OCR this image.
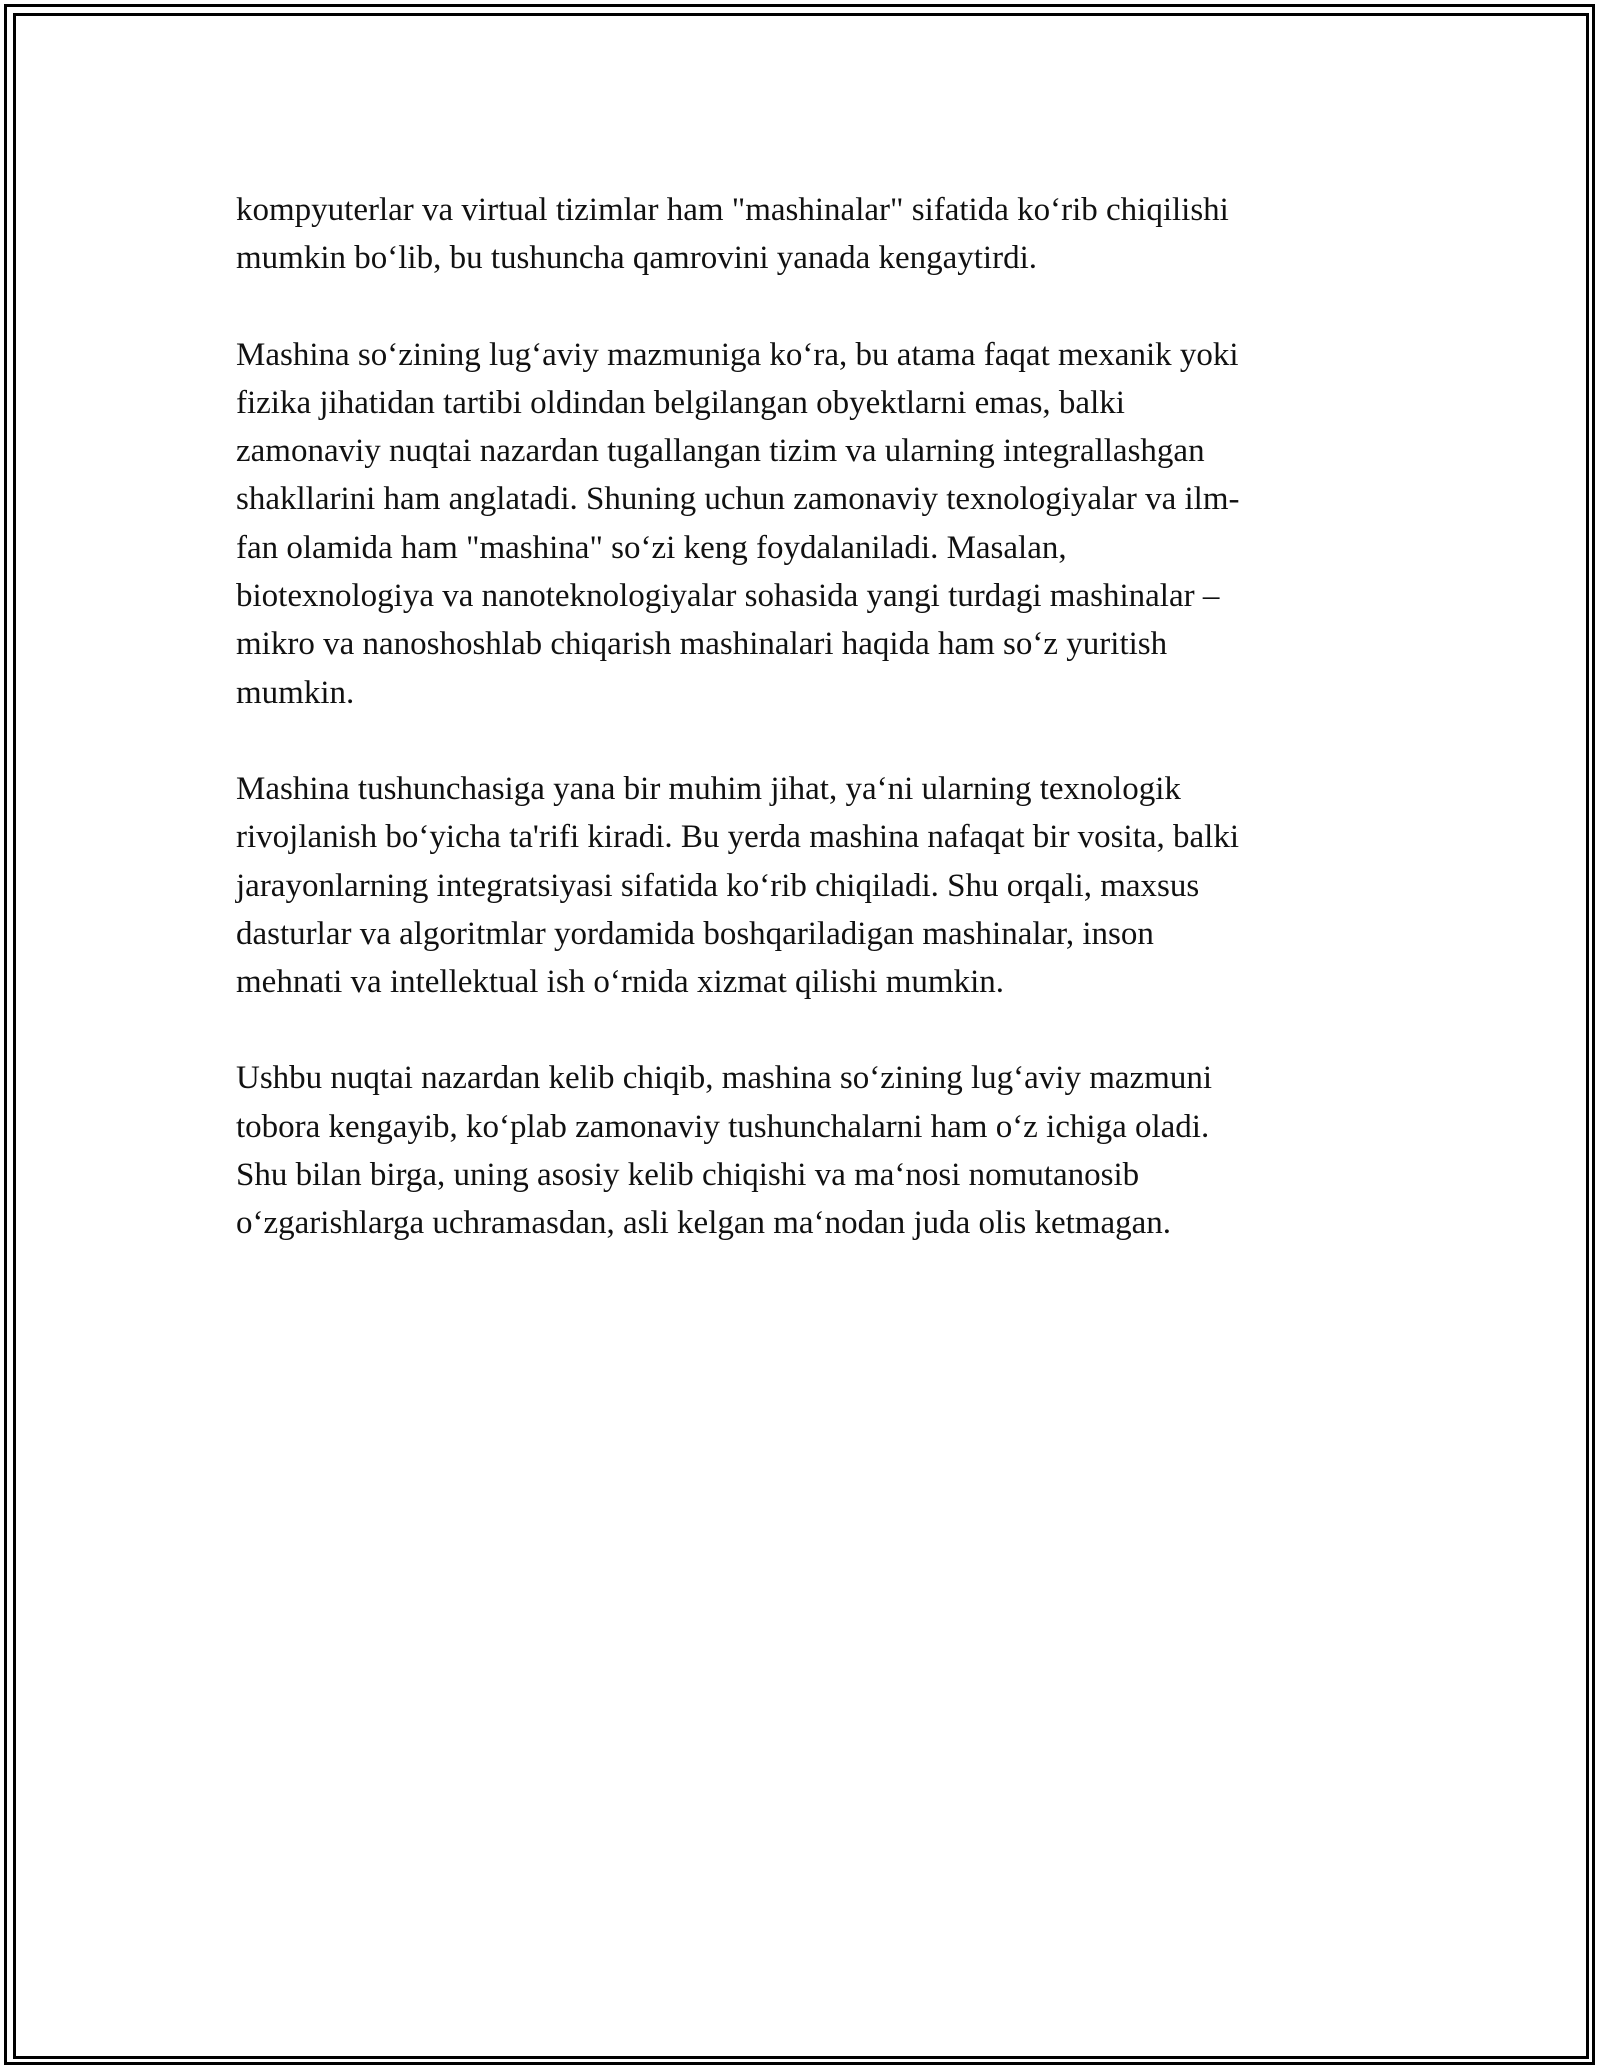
kompyuterlar va virtual tizimlar ham "mashinalar" sifatida koʻrib chiqilishi
mumkin boʻlib, bu tushuncha qamrovini yanada kengaytirdi.

Mashina soʻzining lugʻaviy mazmuniga koʻra, bu atama faqat mexanik yoki
fizika jihatidan tartibi oldindan belgilangan obyektlarni emas, balki
zamonaviy nuqtai nazardan tugallangan tizim va ularning integrallashgan
shakllarini ham anglatadi. Shuning uchun zamonaviy texnologiyalar va ilm-
fan olamida ham "mashina" soʻzi keng foydalaniladi. Masalan,
biotexnologiya va nanoteknologiyalar sohasida yangi turdagi mashinalar –
mikro va nanoshoshlab chiqarish mashinalari haqida ham soʻz yuritish
mumkin.

Mashina tushunchasiga yana bir muhim jihat, yaʻni ularning texnologik
rivojlanish boʻyicha ta'rifi kiradi. Bu yerda mashina nafaqat bir vosita, balki
jarayonlarning integratsiyasi sifatida koʻrib chiqiladi. Shu orqali, maxsus
dasturlar va algoritmlar yordamida boshqariladigan mashinalar, inson
mehnati va intellektual ish oʻrnida xizmat qilishi mumkin.

Ushbu nuqtai nazardan kelib chiqib, mashina soʻzining lugʻaviy mazmuni
tobora kengayib, koʻplab zamonaviy tushunchalarni ham oʻz ichiga oladi.
Shu bilan birga, uning asosiy kelib chiqishi va maʻnosi nomutanosib
oʻzgarishlarga uchramasdan, asli kelgan maʻnodan juda olis ketmagan.
